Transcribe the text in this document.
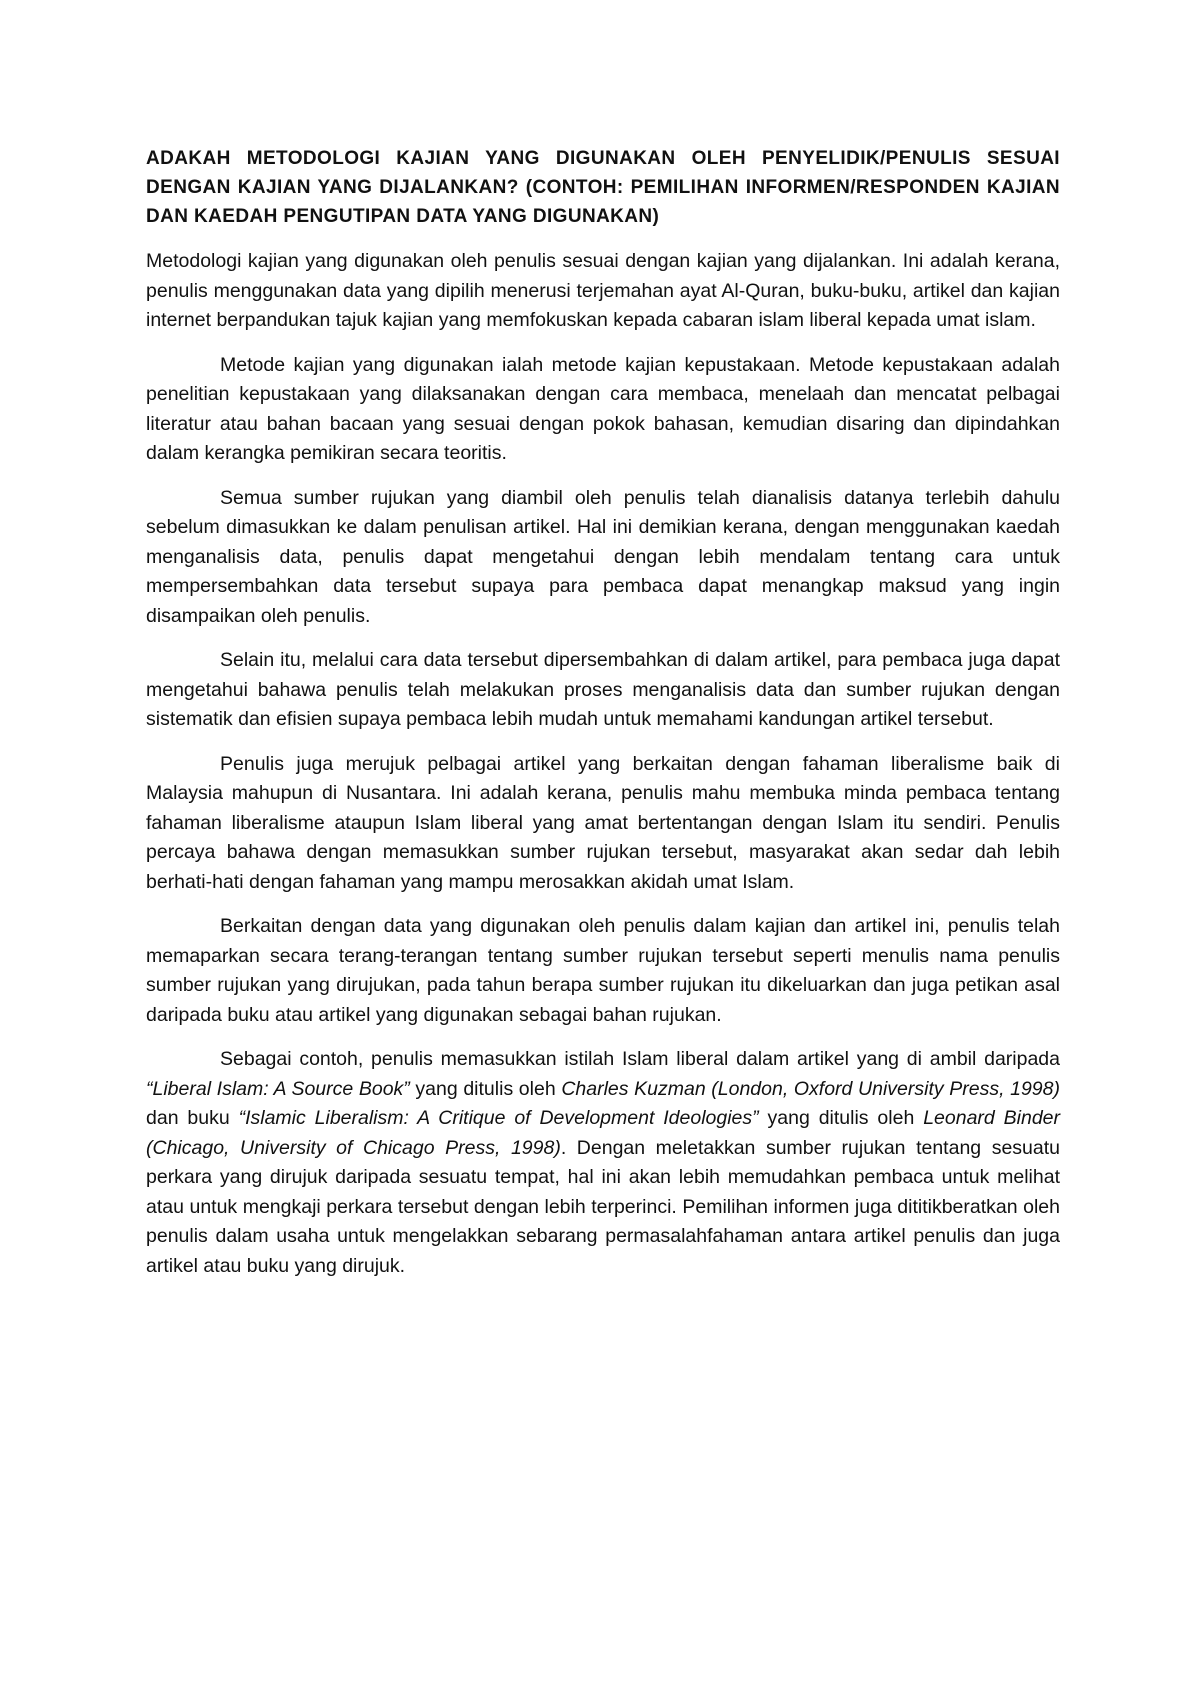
ADAKAH METODOLOGI KAJIAN YANG DIGUNAKAN OLEH PENYELIDIK/PENULIS SESUAI DENGAN KAJIAN YANG DIJALANKAN? (CONTOH: PEMILIHAN INFORMEN/RESPONDEN KAJIAN DAN KAEDAH PENGUTIPAN DATA YANG DIGUNAKAN)

Metodologi kajian yang digunakan oleh penulis sesuai dengan kajian yang dijalankan. Ini adalah kerana, penulis menggunakan data yang dipilih menerusi terjemahan ayat Al-Quran, buku-buku, artikel dan kajian internet berpandukan tajuk kajian yang memfokuskan kepada cabaran islam liberal kepada umat islam.

Metode kajian yang digunakan ialah metode kajian kepustakaan. Metode kepustakaan adalah penelitian kepustakaan yang dilaksanakan dengan cara membaca, menelaah dan mencatat pelbagai literatur atau bahan bacaan yang sesuai dengan pokok bahasan, kemudian disaring dan dipindahkan dalam kerangka pemikiran secara teoritis.

Semua sumber rujukan yang diambil oleh penulis telah dianalisis datanya terlebih dahulu sebelum dimasukkan ke dalam penulisan artikel. Hal ini demikian kerana, dengan menggunakan kaedah menganalisis data, penulis dapat mengetahui dengan lebih mendalam tentang cara untuk mempersembahkan data tersebut supaya para pembaca dapat menangkap maksud yang ingin disampaikan oleh penulis.

Selain itu, melalui cara data tersebut dipersembahkan di dalam artikel, para pembaca juga dapat mengetahui bahawa penulis telah melakukan proses menganalisis data dan sumber rujukan dengan sistematik dan efisien supaya pembaca lebih mudah untuk memahami kandungan artikel tersebut.

Penulis juga merujuk pelbagai artikel yang berkaitan dengan fahaman liberalisme baik di Malaysia mahupun di Nusantara. Ini adalah kerana, penulis mahu membuka minda pembaca tentang fahaman liberalisme ataupun Islam liberal yang amat bertentangan dengan Islam itu sendiri. Penulis percaya bahawa dengan memasukkan sumber rujukan tersebut, masyarakat akan sedar dah lebih berhati-hati dengan fahaman yang mampu merosakkan akidah umat Islam.

Berkaitan dengan data yang digunakan oleh penulis dalam kajian dan artikel ini, penulis telah memaparkan secara terang-terangan tentang sumber rujukan tersebut seperti menulis nama penulis sumber rujukan yang dirujukan, pada tahun berapa sumber rujukan itu dikeluarkan dan juga petikan asal daripada buku atau artikel yang digunakan sebagai bahan rujukan.

Sebagai contoh, penulis memasukkan istilah Islam liberal dalam artikel yang di ambil daripada “Liberal Islam: A Source Book” yang ditulis oleh Charles Kuzman (London, Oxford University Press, 1998) dan buku “Islamic Liberalism: A Critique of Development Ideologies” yang ditulis oleh Leonard Binder (Chicago, University of Chicago Press, 1998). Dengan meletakkan sumber rujukan tentang sesuatu perkara yang dirujuk daripada sesuatu tempat, hal ini akan lebih memudahkan pembaca untuk melihat atau untuk mengkaji perkara tersebut dengan lebih terperinci. Pemilihan informen juga dititikberatkan oleh penulis dalam usaha untuk mengelakkan sebarang permasalahfahaman antara artikel penulis dan juga artikel atau buku yang dirujuk.
